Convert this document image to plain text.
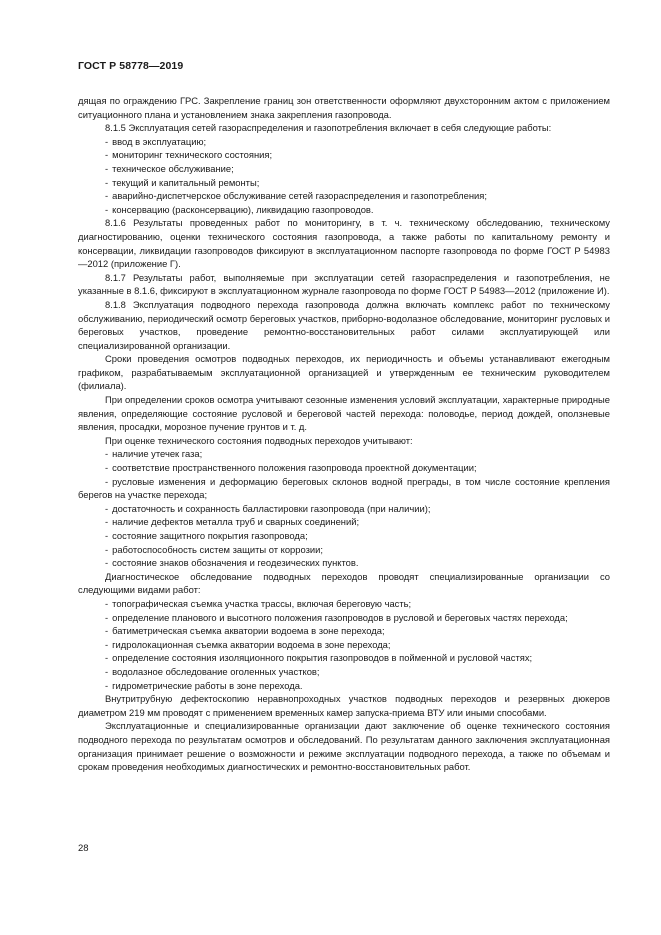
ГОСТ Р 58778—2019

дящая по ограждению ГРС. Закрепление границ зон ответственности оформляют двухсторонним актом с приложением ситуационного плана и установлением знака закрепления газопровода.

8.1.5 Эксплуатация сетей газораспределения и газопотребления включает в себя следующие работы:

- ввод в эксплуатацию;
- мониторинг технического состояния;
- техническое обслуживание;
- текущий и капитальный ремонты;
- аварийно-диспетчерское обслуживание сетей газораспределения и газопотребления;
- консервацию (расконсервацию), ликвидацию газопроводов.

8.1.6 Результаты проведенных работ по мониторингу, в т. ч. техническому обследованию, техническому диагностированию, оценки технического состояния газопровода, а также работы по капитальному ремонту и консервации, ликвидации газопроводов фиксируют в эксплуатационном паспорте газопровода по форме ГОСТ Р 54983—2012 (приложение Г).

8.1.7 Результаты работ, выполняемые при эксплуатации сетей газораспределения и газопотребления, не указанные в 8.1.6, фиксируют в эксплуатационном журнале газопровода по форме ГОСТ Р 54983—2012 (приложение И).

8.1.8 Эксплуатация подводного перехода газопровода должна включать комплекс работ по техническому обслуживанию, периодический осмотр береговых участков, приборно-водолазное обследование, мониторинг русловых и береговых участков, проведение ремонтно-восстановительных работ силами эксплуатирующей или специализированной организации.

Сроки проведения осмотров подводных переходов, их периодичность и объемы устанавливают ежегодным графиком, разрабатываемым эксплуатационной организацией и утвержденным ее техническим руководителем (филиала).

При определении сроков осмотра учитывают сезонные изменения условий эксплуатации, характерные природные явления, определяющие состояние русловой и береговой частей перехода: половодье, период дождей, оползневые явления, просадки, морозное пучение грунтов и т. д.

При оценке технического состояния подводных переходов учитывают:

- наличие утечек газа;
- соответствие пространственного положения газопровода проектной документации;
- русловые изменения и деформацию береговых склонов водной преграды, в том числе состояние крепления берегов на участке перехода;
- достаточность и сохранность балластировки газопровода (при наличии);
- наличие дефектов металла труб и сварных соединений;
- состояние защитного покрытия газопровода;
- работоспособность систем защиты от коррозии;
- состояние знаков обозначения и геодезических пунктов.

Диагностическое обследование подводных переходов проводят специализированные организации со следующими видами работ:

- топографическая съемка участка трассы, включая береговую часть;
- определение планового и высотного положения газопроводов в русловой и береговых частях перехода;
- батиметрическая съемка акватории водоема в зоне перехода;
- гидролокационная съемка акватории водоема в зоне перехода;
- определение состояния изоляционного покрытия газопроводов в пойменной и русловой частях;
- водолазное обследование оголенных участков;
- гидрометрические работы в зоне перехода.

Внутритрубную дефектоскопию неравнопроходных участков подводных переходов и резервных дюкеров диаметром 219 мм проводят с применением временных камер запуска-приема ВТУ или иными способами.

Эксплуатационные и специализированные организации дают заключение об оценке технического состояния подводного перехода по результатам осмотров и обследований. По результатам данного заключения эксплуатационная организация принимает решение о возможности и режиме эксплуатации подводного перехода, а также по объемам и срокам проведения необходимых диагностических и ремонтно-восстановительных работ.

28
